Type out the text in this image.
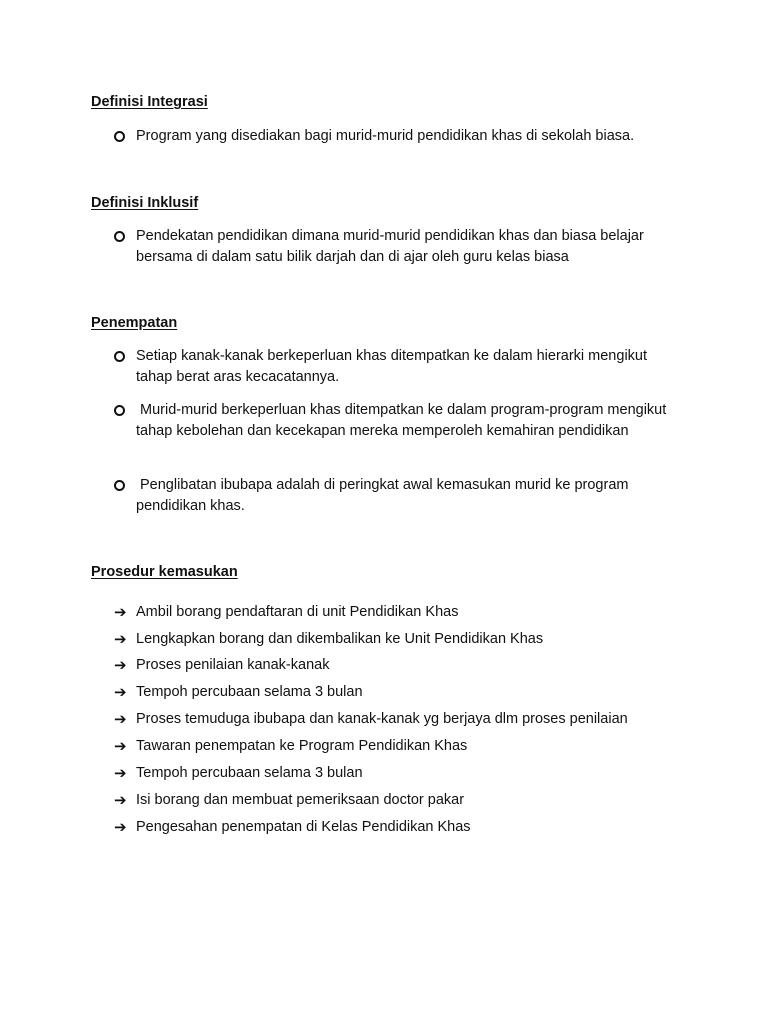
Definisi Integrasi
Program yang disediakan bagi murid-murid pendidikan khas di sekolah biasa.
Definisi Inklusif
Pendekatan pendidikan dimana murid-murid pendidikan khas dan biasa belajar bersama di dalam satu bilik darjah dan di ajar oleh guru kelas biasa
Penempatan
Setiap kanak-kanak berkeperluan khas ditempatkan ke dalam hierarki mengikut tahap berat aras kecacatannya.
Murid-murid berkeperluan khas ditempatkan ke dalam program-program mengikut tahap kebolehan dan kecekapan mereka memperoleh kemahiran pendidikan
Penglibatan ibubapa adalah di peringkat awal kemasukan murid ke program pendidikan khas.
Prosedur kemasukan
➔ Ambil borang pendaftaran di unit Pendidikan Khas
➔ Lengkapkan borang dan dikembalikan ke Unit Pendidikan Khas
➔ Proses penilaian kanak-kanak
➔ Tempoh percubaan selama 3 bulan
➔ Proses temuduga ibubapa dan kanak-kanak yg berjaya dlm proses penilaian
➔ Tawaran penempatan ke Program Pendidikan Khas
➔ Tempoh percubaan selama 3 bulan
➔ Isi borang dan membuat pemeriksaan doctor pakar
➔ Pengesahan penempatan di Kelas Pendidikan Khas
